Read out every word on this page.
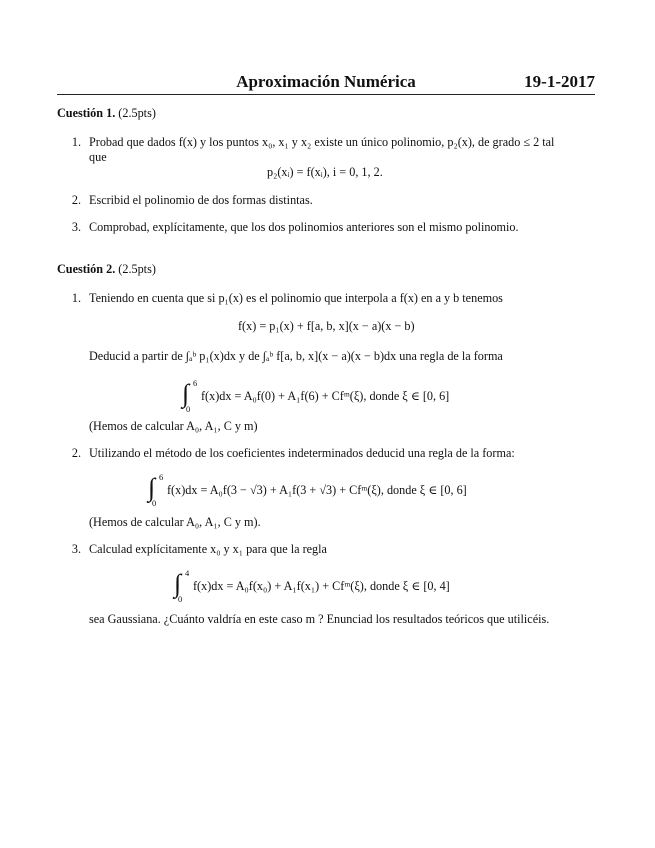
Aproximación Numérica	19-1-2017
Cuestión 1. (2.5pts)
1. Probad que dados f(x) y los puntos x₀, x₁ y x₂ existe un único polinomio, p₂(x), de grado ≤ 2 tal
que
p₂(xᵢ) = f(xᵢ), i = 0, 1, 2.
2. Escribid el polinomio de dos formas distintas.
3. Comprobad, explícitamente, que los dos polinomios anteriores son el mismo polinomio.
Cuestión 2. (2.5pts)
1. Teniendo en cuenta que si p₁(x) es el polinomio que interpola a f(x) en a y b tenemos
f(x) = p₁(x) + f[a, b, x](x − a)(x − b)
Deducid a partir de ∫ₐᵇ p₁(x)dx y de ∫ₐᵇ f[a, b, x](x − a)(x − b)dx una regla de la forma
∫ 6
0
f(x)dx = A₀f(0) + A₁f(6) + Cfᵐ(ξ), donde ξ ∈ [0, 6]
(Hemos de calcular A₀, A₁, C y m)
2. Utilizando el método de los coeficientes indeterminados deducid una regla de la forma:
∫ 6
0
f(x)dx = A₀f(3 − √3) + A₁f(3 + √3) + Cfᵐ(ξ), donde ξ ∈ [0, 6]
(Hemos de calcular A₀, A₁, C y m).
3. Calculad explícitamente x₀ y x₁ para que la regla
∫ 4
0
f(x)dx = A₀f(x₀) + A₁f(x₁) + Cfᵐ(ξ), donde ξ ∈ [0, 4]
sea Gaussiana. ¿Cuánto valdría en este caso m ? Enunciad los resultados teóricos que utilicéis.
